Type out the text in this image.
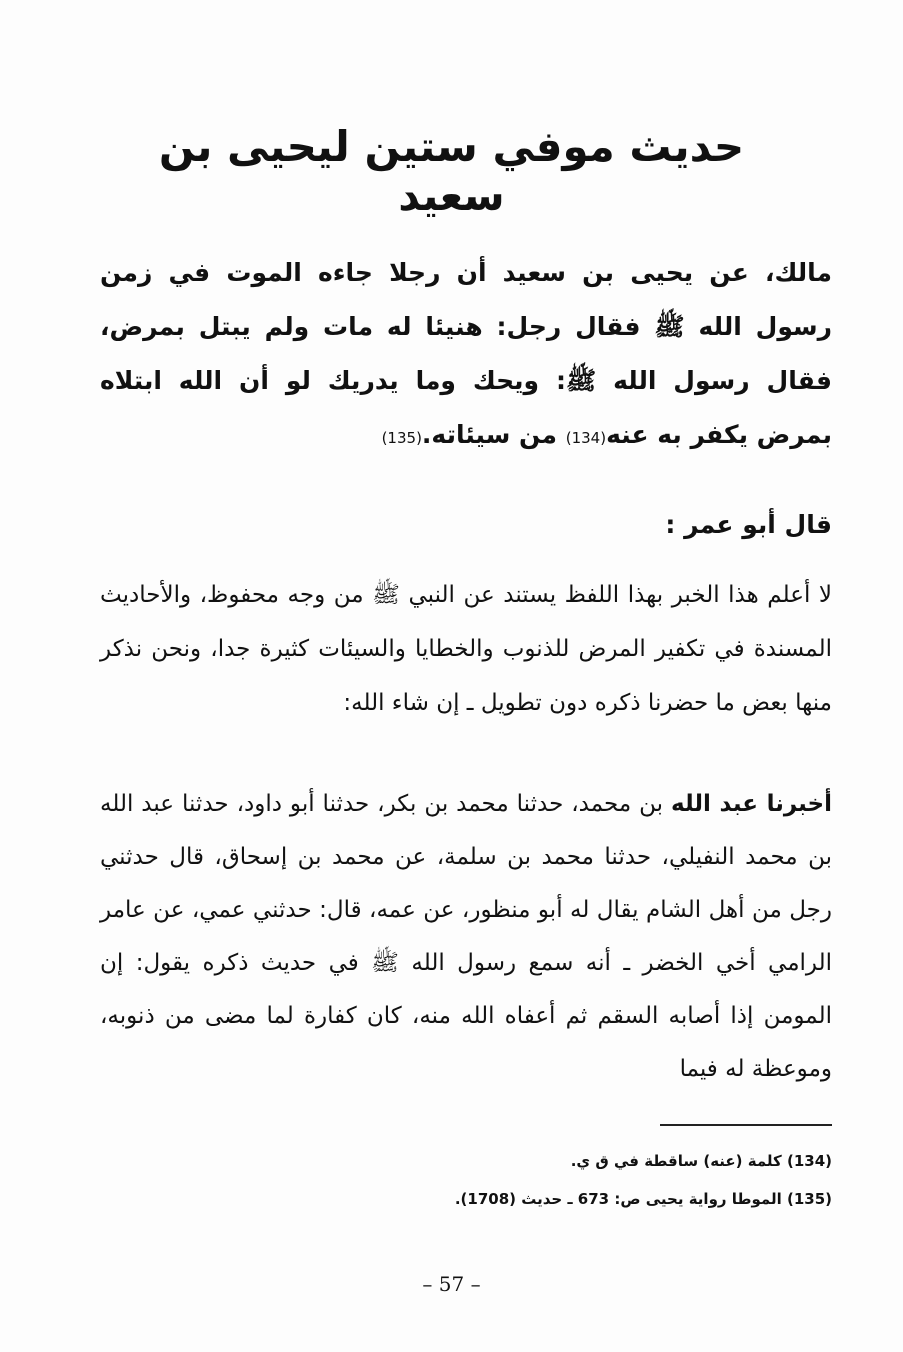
حديث موفي ستين ليحيى بن سعيد
مالك، عن يحيى بن سعيد أن رجلا جاءه الموت في زمن رسول الله ﷺ فقال رجل: هنيئا له مات ولم يبتل بمرض، فقال رسول الله ﷺ: ويحك وما يدريك لو أن الله ابتلاه بمرض يكفر به عنه(134) من سيئاته.(135)
قال أبو عمر :
لا أعلم هذا الخبر بهذا اللفظ يستند عن النبي ﷺ من وجه محفوظ، والأحاديث المسندة في تكفير المرض للذنوب والخطايا والسيئات كثيرة جدا، ونحن نذكر منها بعض ما حضرنا ذكره دون تطويل ـ إن شاء الله:
أخبرنا عبد الله بن محمد، حدثنا محمد بن بكر، حدثنا أبو داود، حدثنا عبد الله بن محمد النفيلي، حدثنا محمد بن سلمة، عن محمد بن إسحاق، قال حدثني رجل من أهل الشام يقال له أبو منظور، عن عمه، قال: حدثني عمي، عن عامر الرامي أخي الخضر ـ أنه سمع رسول الله ﷺ في حديث ذكره يقول: إن المومن إذا أصابه السقم ثم أعفاه الله منه، كان كفارة لما مضى من ذنوبه، وموعظة له فيما

(134) كلمة (عنه) ساقطة في ق ي.

(135) الموطا رواية يحيى ص: 673 ـ حديث (1708).

– 57 –
